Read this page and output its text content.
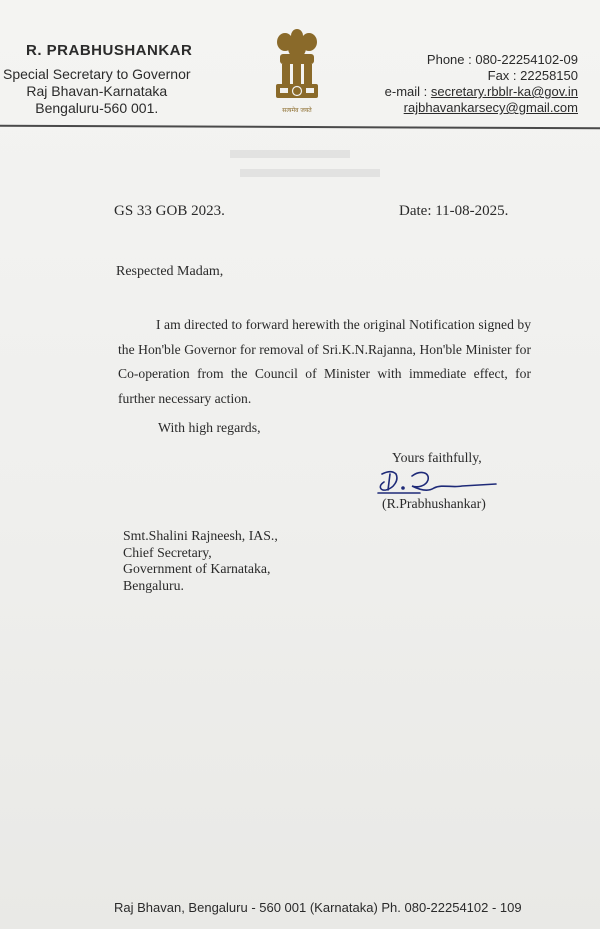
R. PRABHUSHANKAR
Special Secretary to Governor
Raj Bhavan-Karnataka
Bengaluru-560 001.	सत्यमेव जयते
Phone : 080-22254102-09
Fax : 22258150
e-mail : secretary.rbblr-ka@gov.in
rajbhavankarsecy@gmail.com
GS 33 GOB 2023.	Date: 11-08-2025.
Respected Madam,

I am directed to forward herewith the original Notification signed by the Hon'ble Governor for removal of Sri.K.N.Rajanna, Hon'ble Minister for Co-operation from the Council of Minister with immediate effect, for further necessary action.

With high regards,
Yours faithfully,
(R.Prabhushankar)
Smt.Shalini Rajneesh, IAS.,
Chief Secretary,
Government of Karnataka,
Bengaluru.
Raj Bhavan, Bengaluru - 560 001 (Karnataka) Ph. 080-22254102 - 109
